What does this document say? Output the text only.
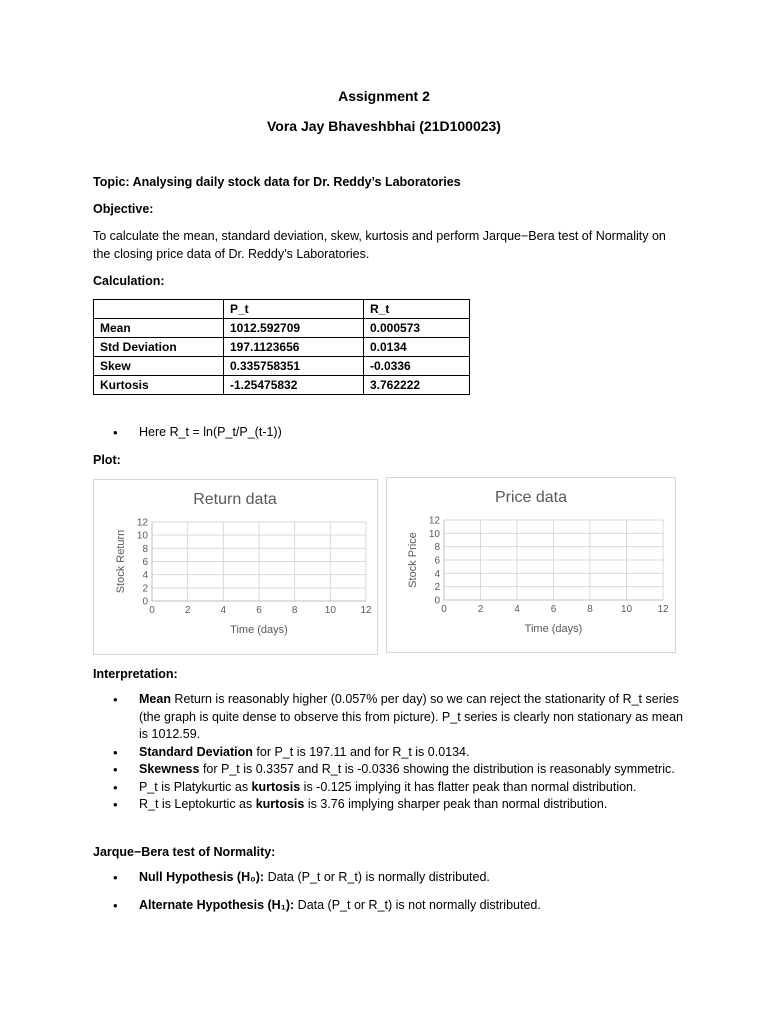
Assignment 2
Vora Jay Bhaveshbhai (21D100023)
Topic: Analysing daily stock data for Dr. Reddy’s Laboratories
Objective:
To calculate the mean, standard deviation, skew, kurtosis and perform Jarque−Bera test of Normality on the closing price data of Dr. Reddy’s Laboratories.
Calculation:
	P_t	R_t
Mean	1012.592709	0.000573
Std Deviation	197.1123656	0.0134
Skew	0.335758351	-0.0336
Kurtosis	-1.25475832	3.762222
• Here R_t = ln(P_t/P_(t-1))
Plot:
0	2	4	6	8	10 12
0
2
4
6
8
10
12
Return data
Time (days)
Stock Return
0	2	4	6	8	10	12
0
2
4
6
8
10
12
Price data
Time (days)
Stock Price
Interpretation:
• Mean Return is reasonably higher (0.057% per day) so we can reject the stationarity of R_t series (the graph is quite dense to observe this from picture). P_t series is clearly non stationary as mean is 1012.59.
• Standard Deviation for P_t is 197.11 and for R_t is 0.0134.
• Skewness for P_t is 0.3357 and R_t is -0.0336 showing the distribution is reasonably symmetric.
• P_t is Platykurtic as kurtosis is -0.125 implying it has flatter peak than normal distribution.
• R_t is Leptokurtic as kurtosis is 3.76 implying sharper peak than normal distribution.
Jarque−Bera test of Normality:
• Null Hypothesis (H₀): Data (P_t or R_t) is normally distributed.
• Alternate Hypothesis (H₁): Data (P_t or R_t) is not normally distributed.
